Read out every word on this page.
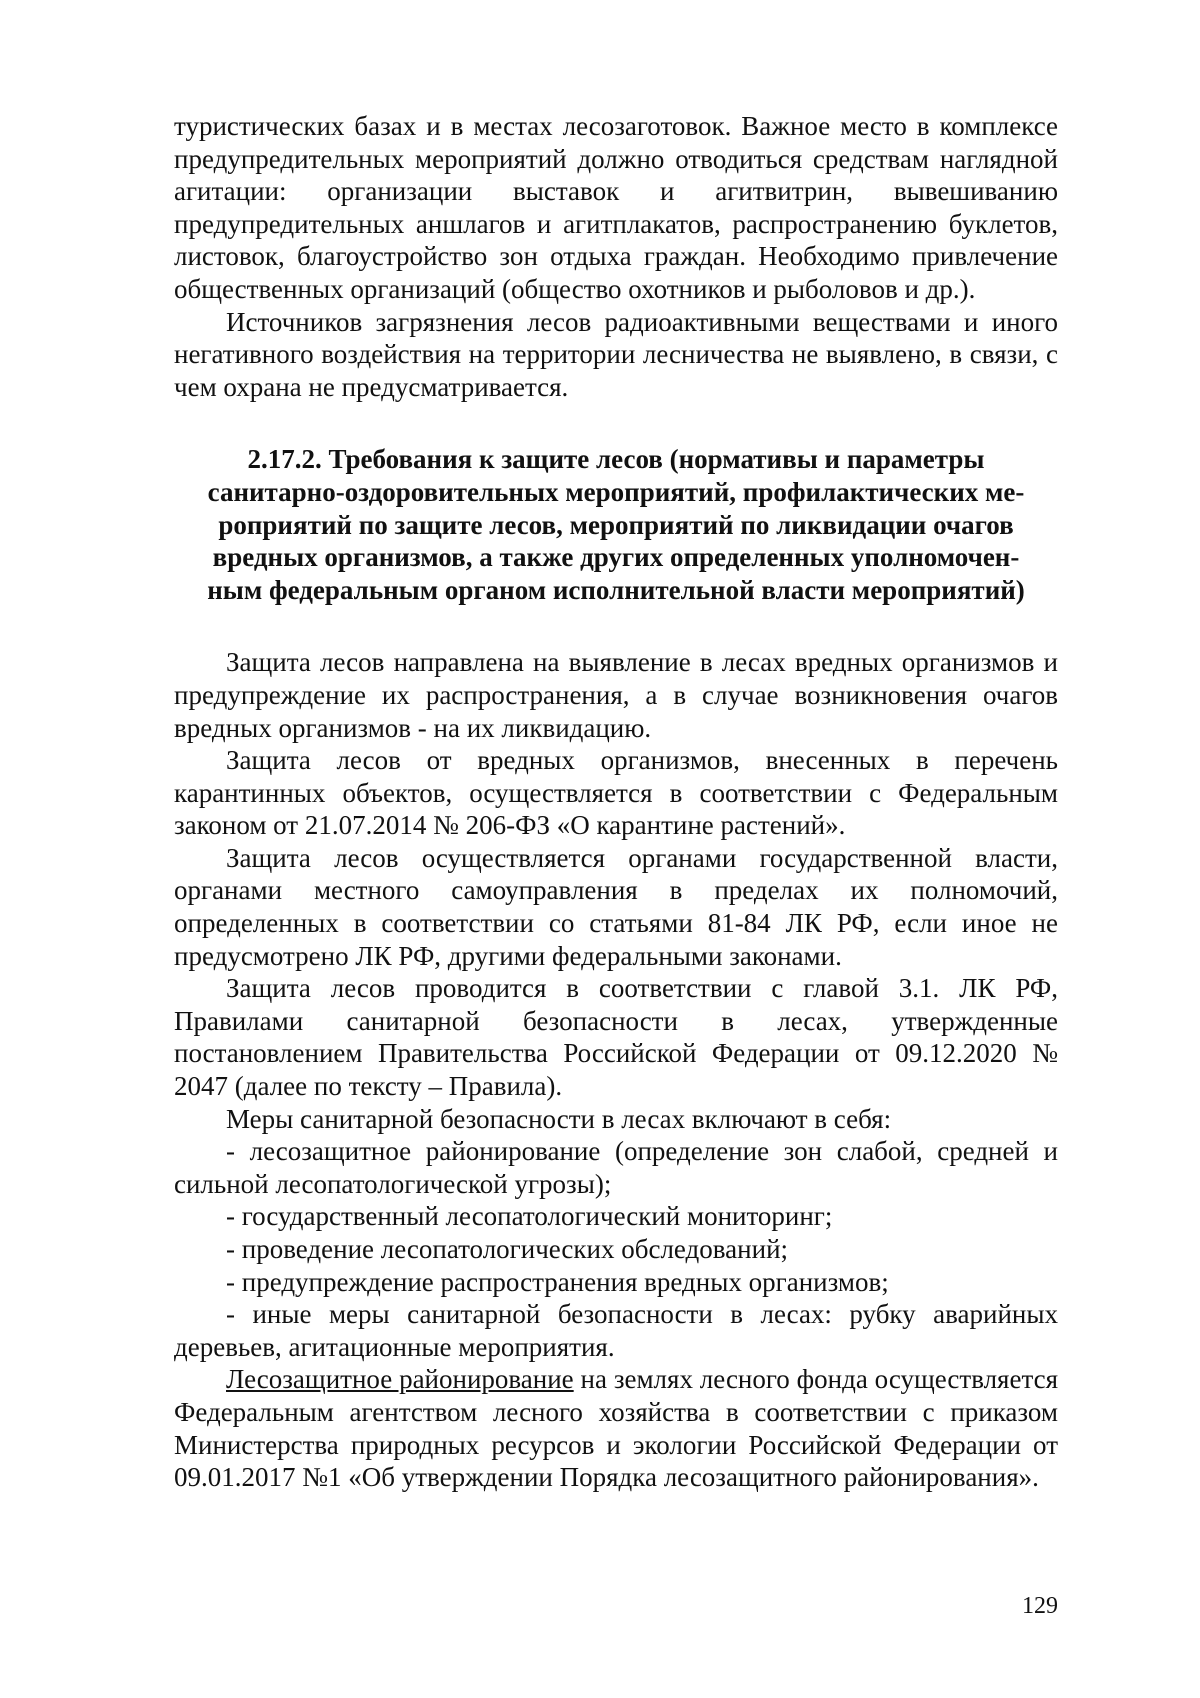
туристических базах и в местах лесозаготовок. Важное место в комплексе предупредительных мероприятий должно отводиться средствам наглядной агитации: организации выставок и агитвитрин, вывешиванию предупредительных аншлагов и агитплакатов, распространению буклетов, листовок, благоустройство зон отдыха граждан. Необходимо привлечение общественных организаций (общество охотников и рыболовов и др.).

Источников загрязнения лесов радиоактивными веществами и иного негативного воздействия на территории лесничества не выявлено, в связи, с чем охрана не предусматривается.

2.17.2. Требования к защите лесов (нормативы и параметры
санитарно-оздоровительных мероприятий, профилактических ме-
роприятий по защите лесов, мероприятий по ликвидации очагов
вредных организмов, а также других определенных уполномочен-
ным федеральным органом исполнительной власти мероприятий)

Защита лесов направлена на выявление в лесах вредных организмов и предупреждение их распространения, а в случае возникновения очагов вредных организмов - на их ликвидацию.

Защита лесов от вредных организмов, внесенных в перечень карантинных объектов, осуществляется в соответствии с Федеральным законом от 21.07.2014 № 206-ФЗ «О карантине растений».

Защита лесов осуществляется органами государственной власти, органами местного самоуправления в пределах их полномочий, определенных в соответствии со статьями 81-84 ЛК РФ, если иное не предусмотрено ЛК РФ, другими федеральными законами.

Защита лесов проводится в соответствии с главой 3.1. ЛК РФ, Правилами санитарной безопасности в лесах, утвержденные постановлением Правительства Российской Федерации от 09.12.2020 № 2047 (далее по тексту – Правила).

Меры санитарной безопасности в лесах включают в себя:

- лесозащитное районирование (определение зон слабой, средней и сильной лесопатологической угрозы);

- государственный лесопатологический мониторинг;

- проведение лесопатологических обследований;

- предупреждение распространения вредных организмов;

- иные меры санитарной безопасности в лесах: рубку аварийных деревьев, агитационные мероприятия.

Лесозащитное районирование на землях лесного фонда осуществляется Федеральным агентством лесного хозяйства в соответствии с приказом Министерства природных ресурсов и экологии Российской Федерации от 09.01.2017 №1 «Об утверждении Порядка лесозащитного районирования».

129
